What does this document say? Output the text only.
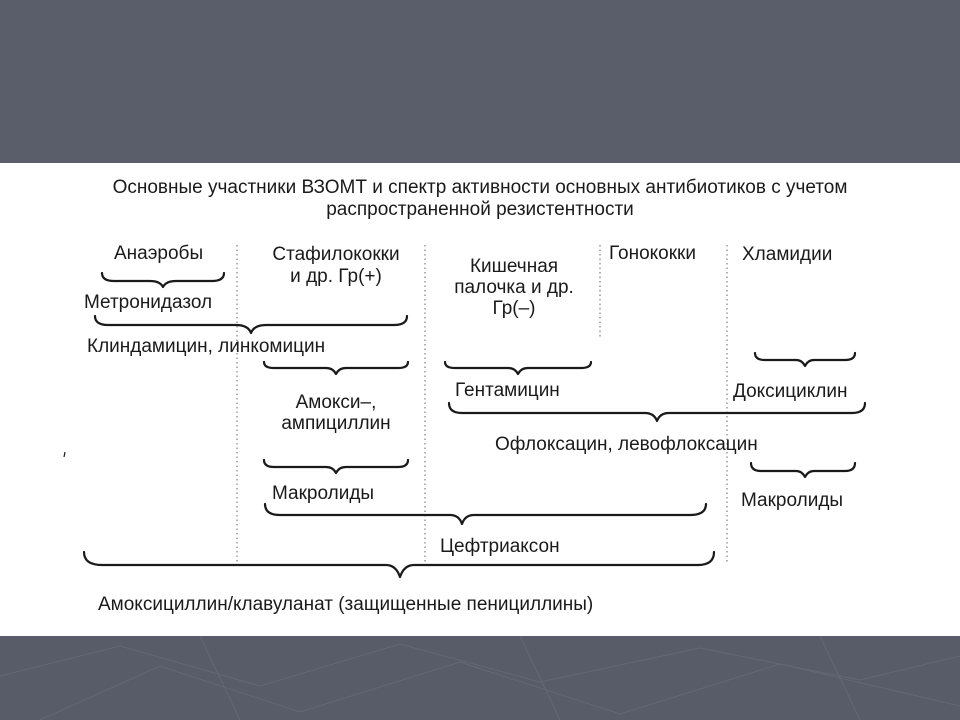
Основные участники ВЗОМТ и спектр активности основных антибиотиков с учетом
распространенной резистентности
Анаэробы	Стафилококки
и др. Гр(+)	Кишечная
палочка и др.
Гр(–)
Гонококки Хламидии
Метронидазол
Клиндамицин, линкомицин
Амокси–,
ампициллин
Гентамицин	Доксициклин
Офлоксацин, левофлоксацин
Макролиды	Макролиды
Цефтриаксон
Амоксициллин/клавуланат (защищенные пенициллины)
